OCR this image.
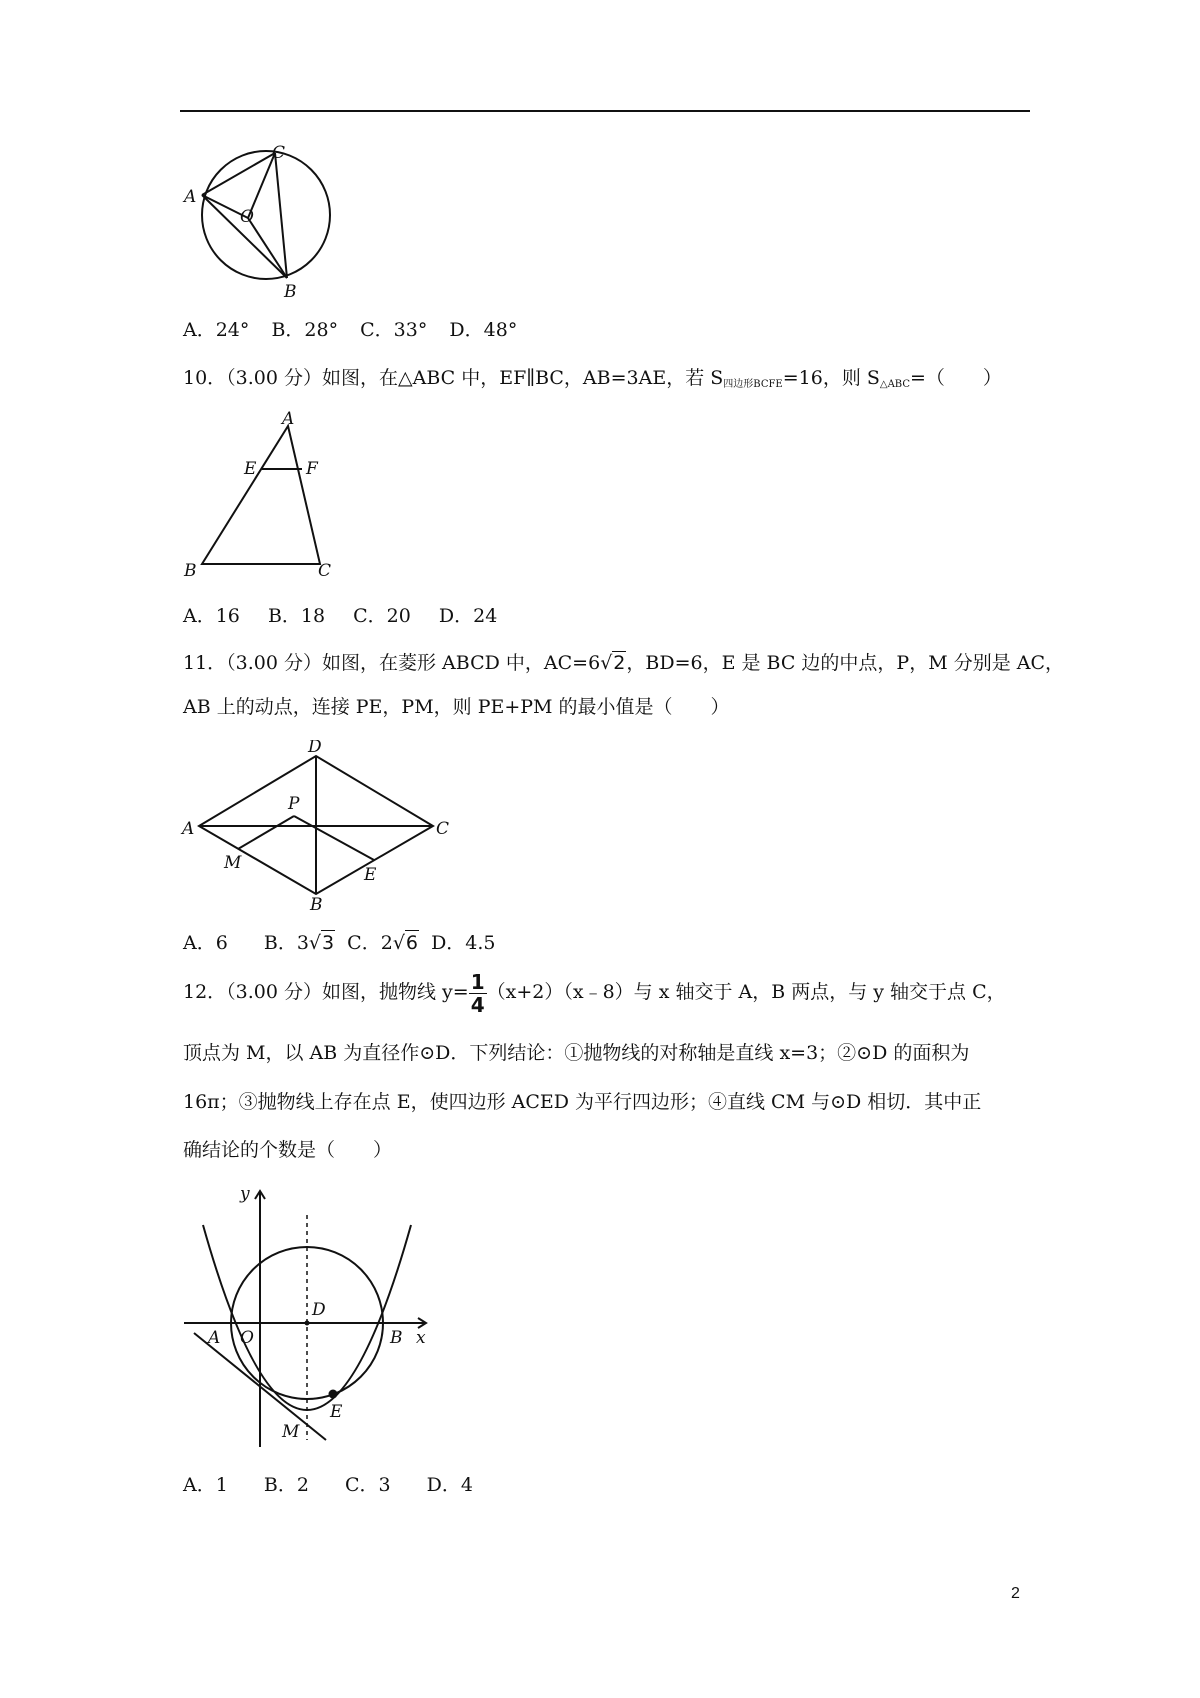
C
A
O
B
A．24° B．28° C．33° D．48°
10．（3.00 分）如图，在△ABC 中，EF∥BC，AB=3AE，若 $S_{四边形BCFE}=16$，则 $S_{\triangle ABC}=$（　　）
A
E	F
B	C
A．16 B．18 C．20 D．24
11．（3.00 分）如图，在菱形 ABCD 中，AC=6√2，BD=6，E 是 BC 边的中点，P，M 分别是 AC，
AB 上的动点，连接 PE，PM，则 PE+PM 的最小值是（　　）
D
P
A	C
M
E
B
A．6 B．3√3 C．2√6 D．4.5
12．（3.00 分）如图，抛物线 $y= \frac{1}{4}$ （x+2）（x﹣8）与 x 轴交于 A，B 两点，与 y 轴交于点 C，
顶点为 M，以 AB 为直径作⊙D．下列结论：①抛物线的对称轴是直线 x=3；②⊙D 的面积为
16π；③抛物线上存在点 E，使四边形 ACED 为平行四边形；④直线 CM 与⊙D 相切．其中正
确结论的个数是（　　）
y
D
A O	B x
E
M
A．1 B．2 C．3 D．4
2
